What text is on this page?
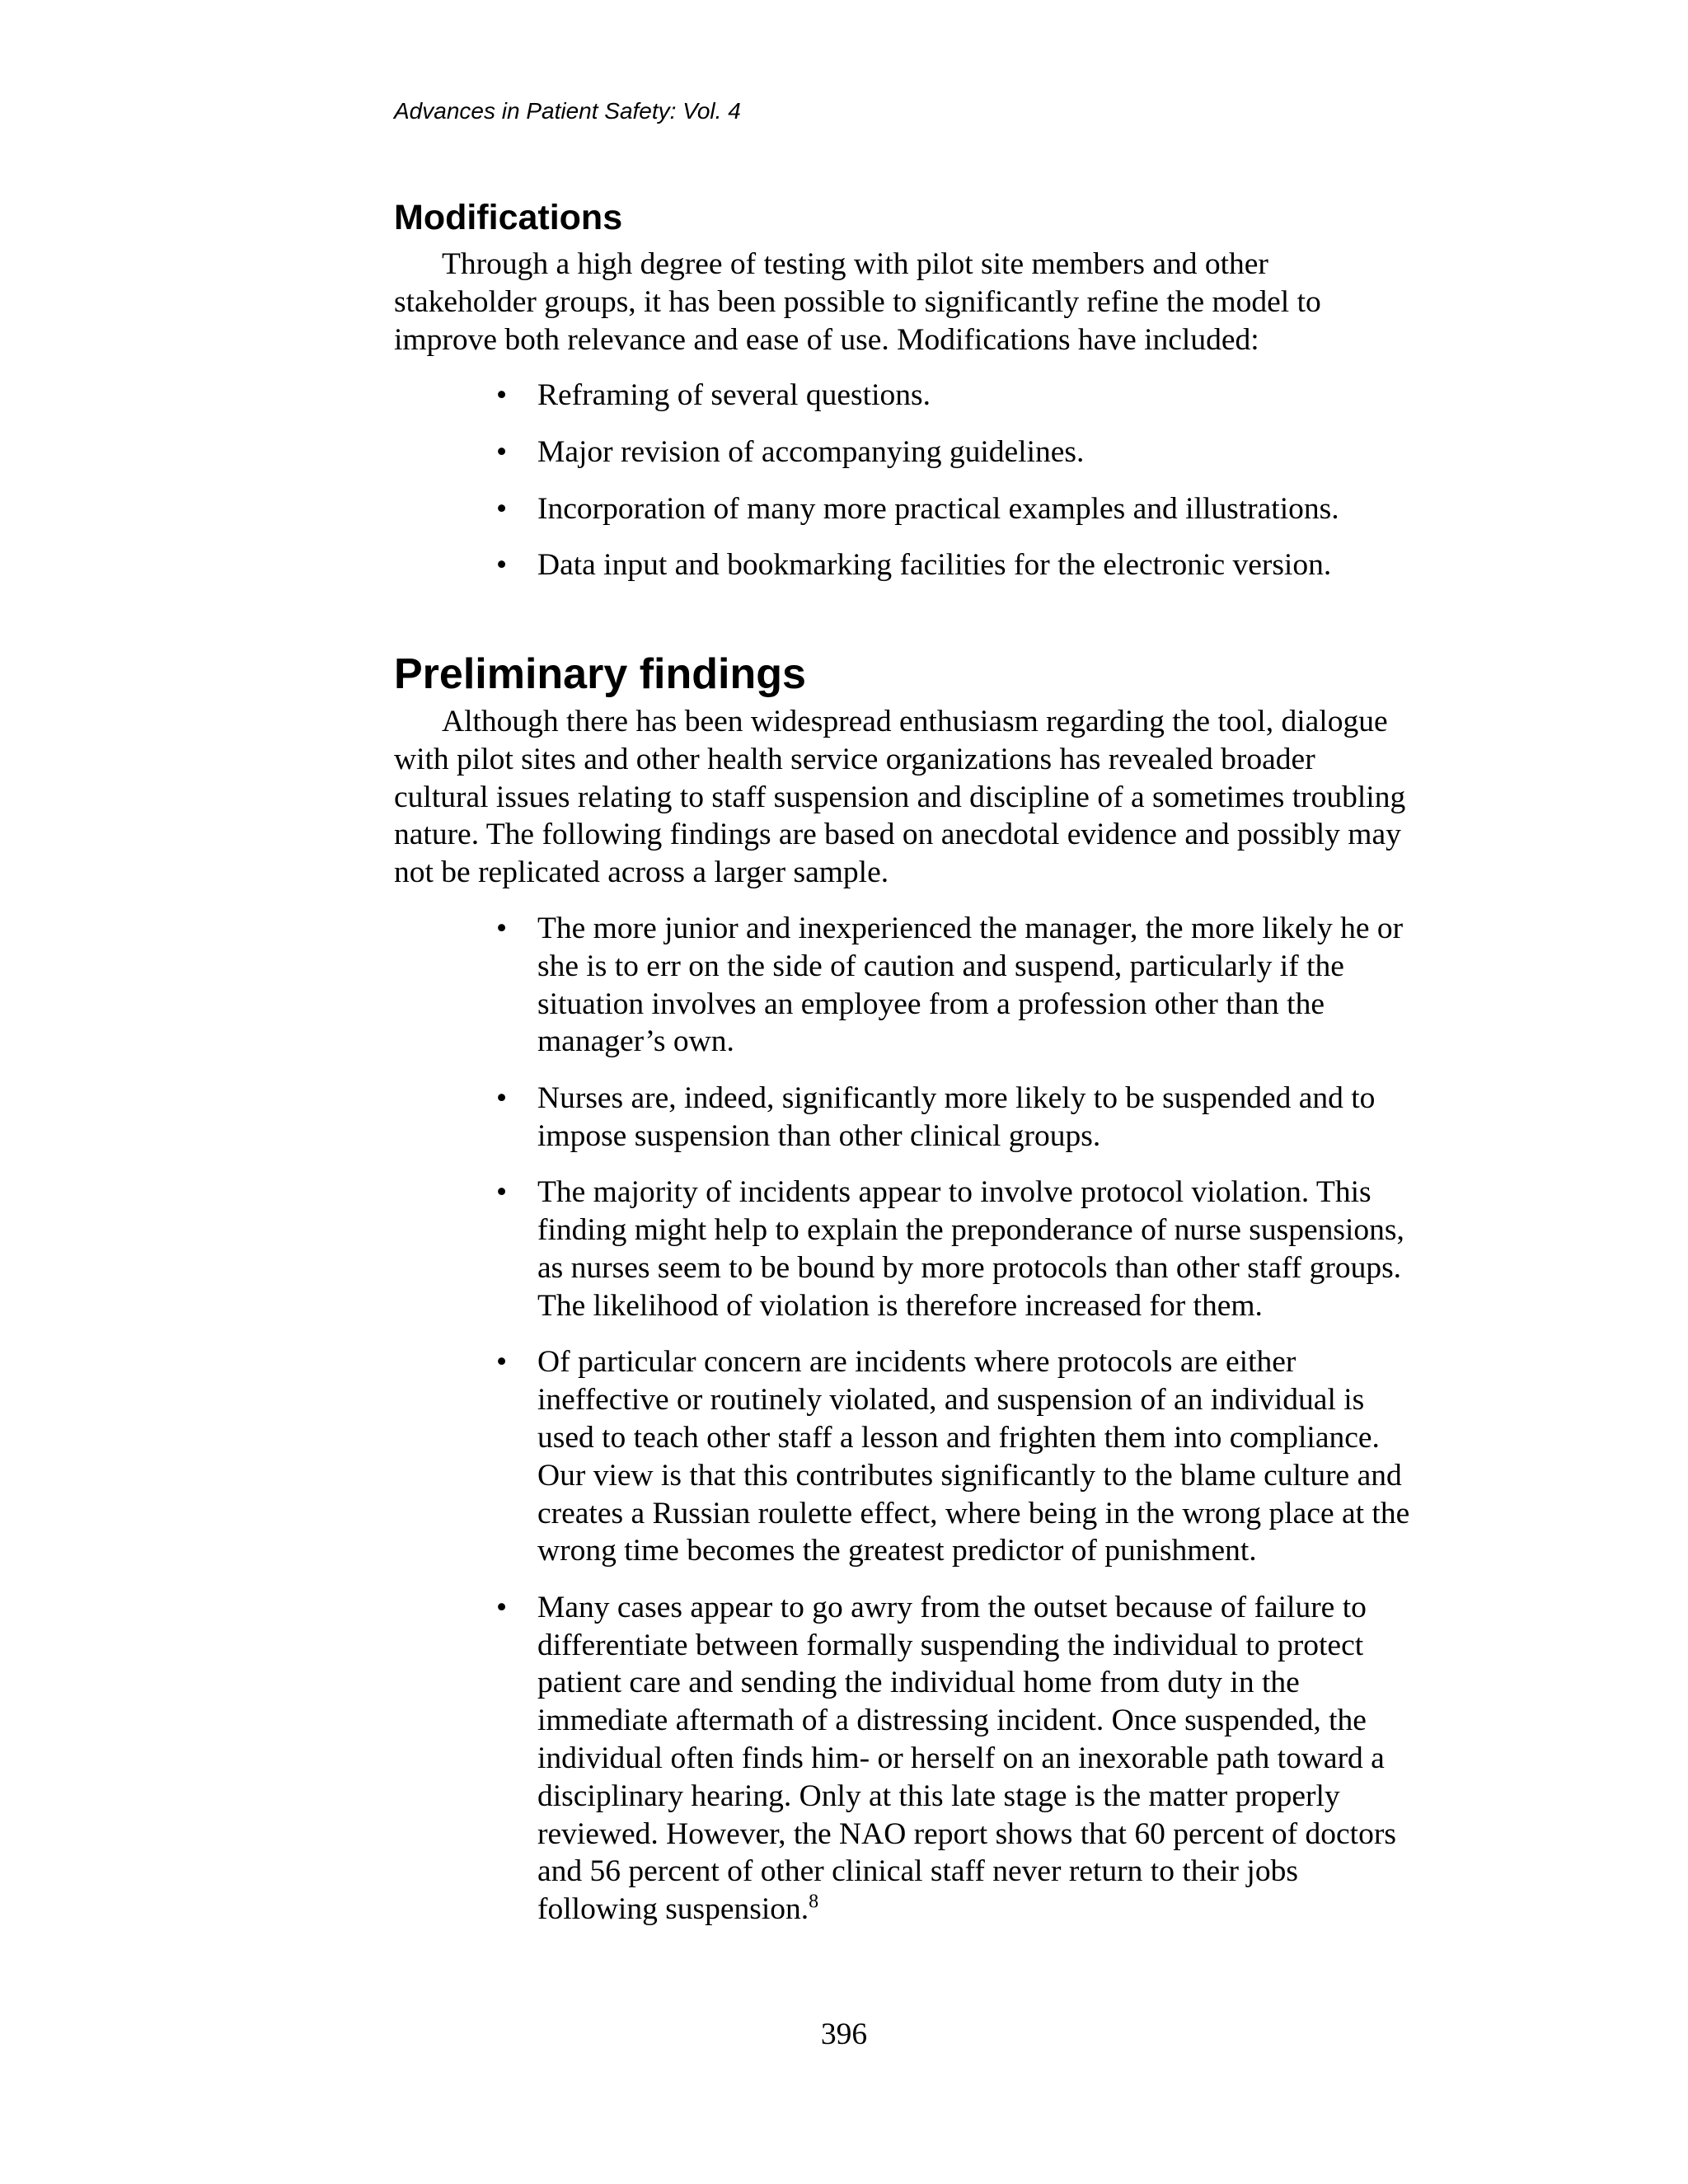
Advances in Patient Safety: Vol. 4
Modifications

Through a high degree of testing with pilot site members and other
stakeholder groups, it has been possible to significantly refine the model to
improve both relevance and ease of use. Modifications have included:

• Reframing of several questions.
• Major revision of accompanying guidelines.
• Incorporation of many more practical examples and illustrations.
• Data input and bookmarking facilities for the electronic version.
Preliminary findings

Although there has been widespread enthusiasm regarding the tool, dialogue
with pilot sites and other health service organizations has revealed broader
cultural issues relating to staff suspension and discipline of a sometimes troubling
nature. The following findings are based on anecdotal evidence and possibly may
not be replicated across a larger sample.

• The more junior and inexperienced the manager, the more likely he or
she is to err on the side of caution and suspend, particularly if the
situation involves an employee from a profession other than the
manager’s own.
• Nurses are, indeed, significantly more likely to be suspended and to
impose suspension than other clinical groups.
• The majority of incidents appear to involve protocol violation. This
finding might help to explain the preponderance of nurse suspensions,
as nurses seem to be bound by more protocols than other staff groups.
The likelihood of violation is therefore increased for them.
• Of particular concern are incidents where protocols are either
ineffective or routinely violated, and suspension of an individual is
used to teach other staff a lesson and frighten them into compliance.
Our view is that this contributes significantly to the blame culture and
creates a Russian roulette effect, where being in the wrong place at the
wrong time becomes the greatest predictor of punishment.
• Many cases appear to go awry from the outset because of failure to
differentiate between formally suspending the individual to protect
patient care and sending the individual home from duty in the
immediate aftermath of a distressing incident. Once suspended, the
individual often finds him- or herself on an inexorable path toward a
disciplinary hearing. Only at this late stage is the matter properly
reviewed. However, the NAO report shows that 60 percent of doctors
and 56 percent of other clinical staff never return to their jobs
following suspension.$^8$
396
